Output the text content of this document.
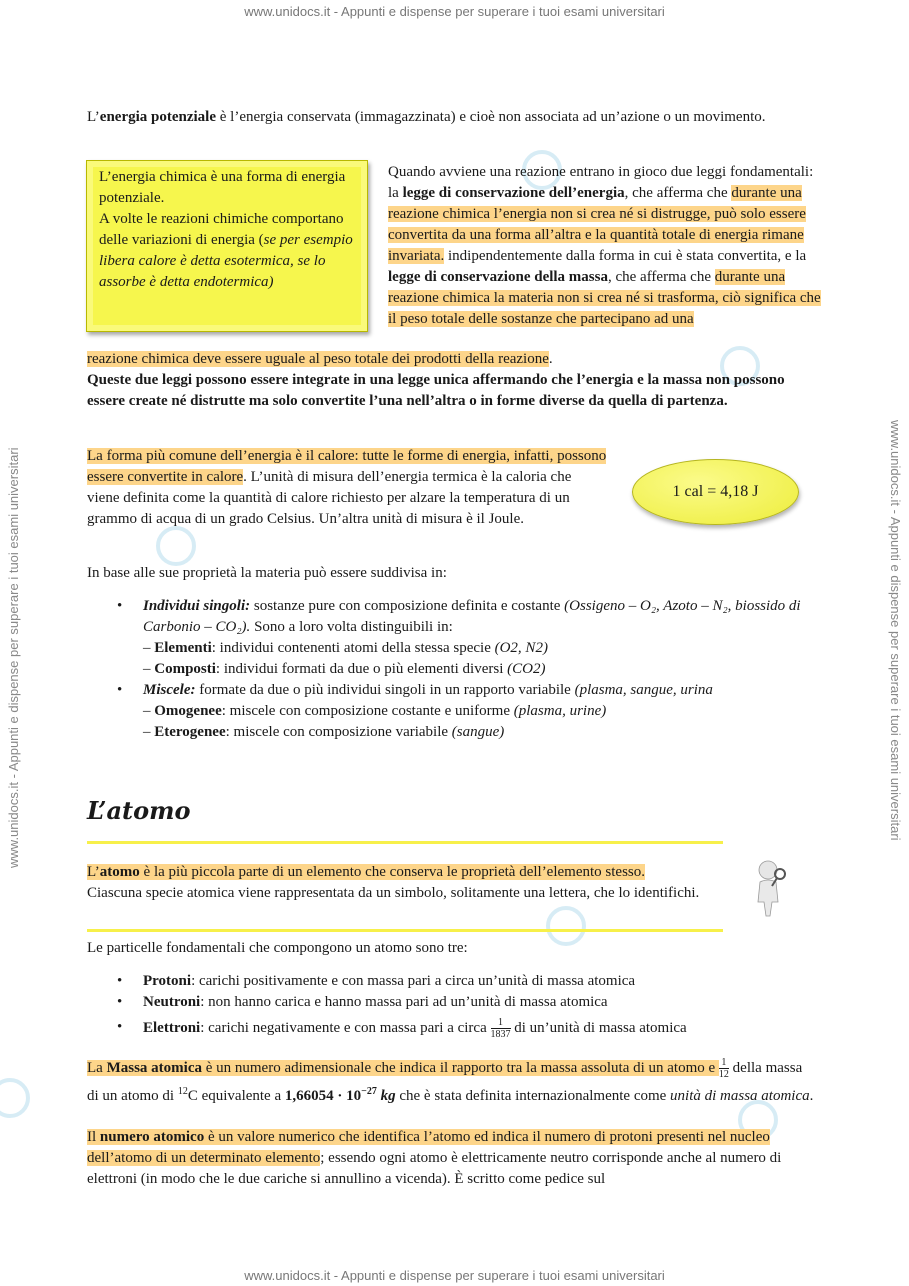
www.unidocs.it - Appunti e dispense per superare i tuoi esami universitari
www.unidocs.it - Appunti e dispense per superare i tuoi esami universitari
www.unidocs.it - Appunti e dispense per superare i tuoi esami universitari	www.unidocs.it - Appunti e dispense per superare i tuoi esami universitari
L’energia potenziale è l’energia conservata (immagazzinata) e cioè non associata ad un’azione o un movimento.
L’energia chimica è una forma di energia potenziale.
A volte le reazioni chimiche comportano delle variazioni di energia (se per esempio libera calore è detta esotermica, se lo assorbe è detta endotermica)
Quando avviene una reazione entrano in gioco due leggi fondamentali: la legge di conservazione dell’energia, che afferma che durante una reazione chimica l’energia non si crea né si distrugge, può solo essere convertita da una forma all’altra e la quantità totale di energia rimane invariata. indipendentemente dalla forma in cui è stata convertita, e la legge di conservazione della massa, che afferma che durante una reazione chimica la materia non si crea né si trasforma, ciò significa che il peso totale delle sostanze che partecipano ad una
reazione chimica deve essere uguale al peso totale dei prodotti della reazione.
Queste due leggi possono essere integrate in una legge unica affermando che l’energia e la massa non possono essere create né distrutte ma solo convertite l’una nell’altra o in forme diverse da quella di partenza.
La forma più comune dell’energia è il calore: tutte le forme di energia, infatti, possono essere convertite in calore. L’unità di misura dell’energia termica è la caloria che viene definita come la quantità di calore richiesto per alzare la temperatura di un grammo di acqua di un grado Celsius. Un’altra unità di misura è il Joule.
1 cal = 4,18 J
In base alle sue proprietà la materia può essere suddivisa in:
• Individui singoli: sostanze pure con composizione definita e costante (Ossigeno – O₂, Azoto – N₂, biossido di Carbonio – CO₂). Sono a loro volta distinguibili in:
– Elementi: individui contenenti atomi della stessa specie (O2, N2)
– Composti: individui formati da due o più elementi diversi (CO2)
• Miscele: formate da due o più individui singoli in un rapporto variabile (plasma, sangue, urina
– Omogenee: miscele con composizione costante e uniforme (plasma, urine)
– Eterogenee: miscele con composizione variabile (sangue)
L’atomo
L’atomo è la più piccola parte di un elemento che conserva le proprietà dell’elemento stesso.
Ciascuna specie atomica viene rappresentata da un simbolo, solitamente una lettera, che lo identifichi.
Le particelle fondamentali che compongono un atomo sono tre:
• Protoni: carichi positivamente e con massa pari a circa un’unità di massa atomica
• Neutroni: non hanno carica e hanno massa pari ad un’unità di massa atomica
• Elettroni: carichi negativamente e con massa pari a circa $\frac{1}{1837}$ di un’unità di massa atomica
La Massa atomica è un numero adimensionale che indica il rapporto tra la massa assoluta di un atomo e $\frac{1}{12}$ della massa di un atomo di $^{12}$C equivalente a $1,66054 \cdot 10^{-27}$ kg che è stata definita internazionalmente come unità di massa atomica.
Il numero atomico è un valore numerico che identifica l’atomo ed indica il numero di protoni presenti nel nucleo dell’atomo di un determinato elemento; essendo ogni atomo è elettricamente neutro corrisponde anche al numero di elettroni (in modo che le due cariche si annullino a vicenda). È scritto come pedice sul
